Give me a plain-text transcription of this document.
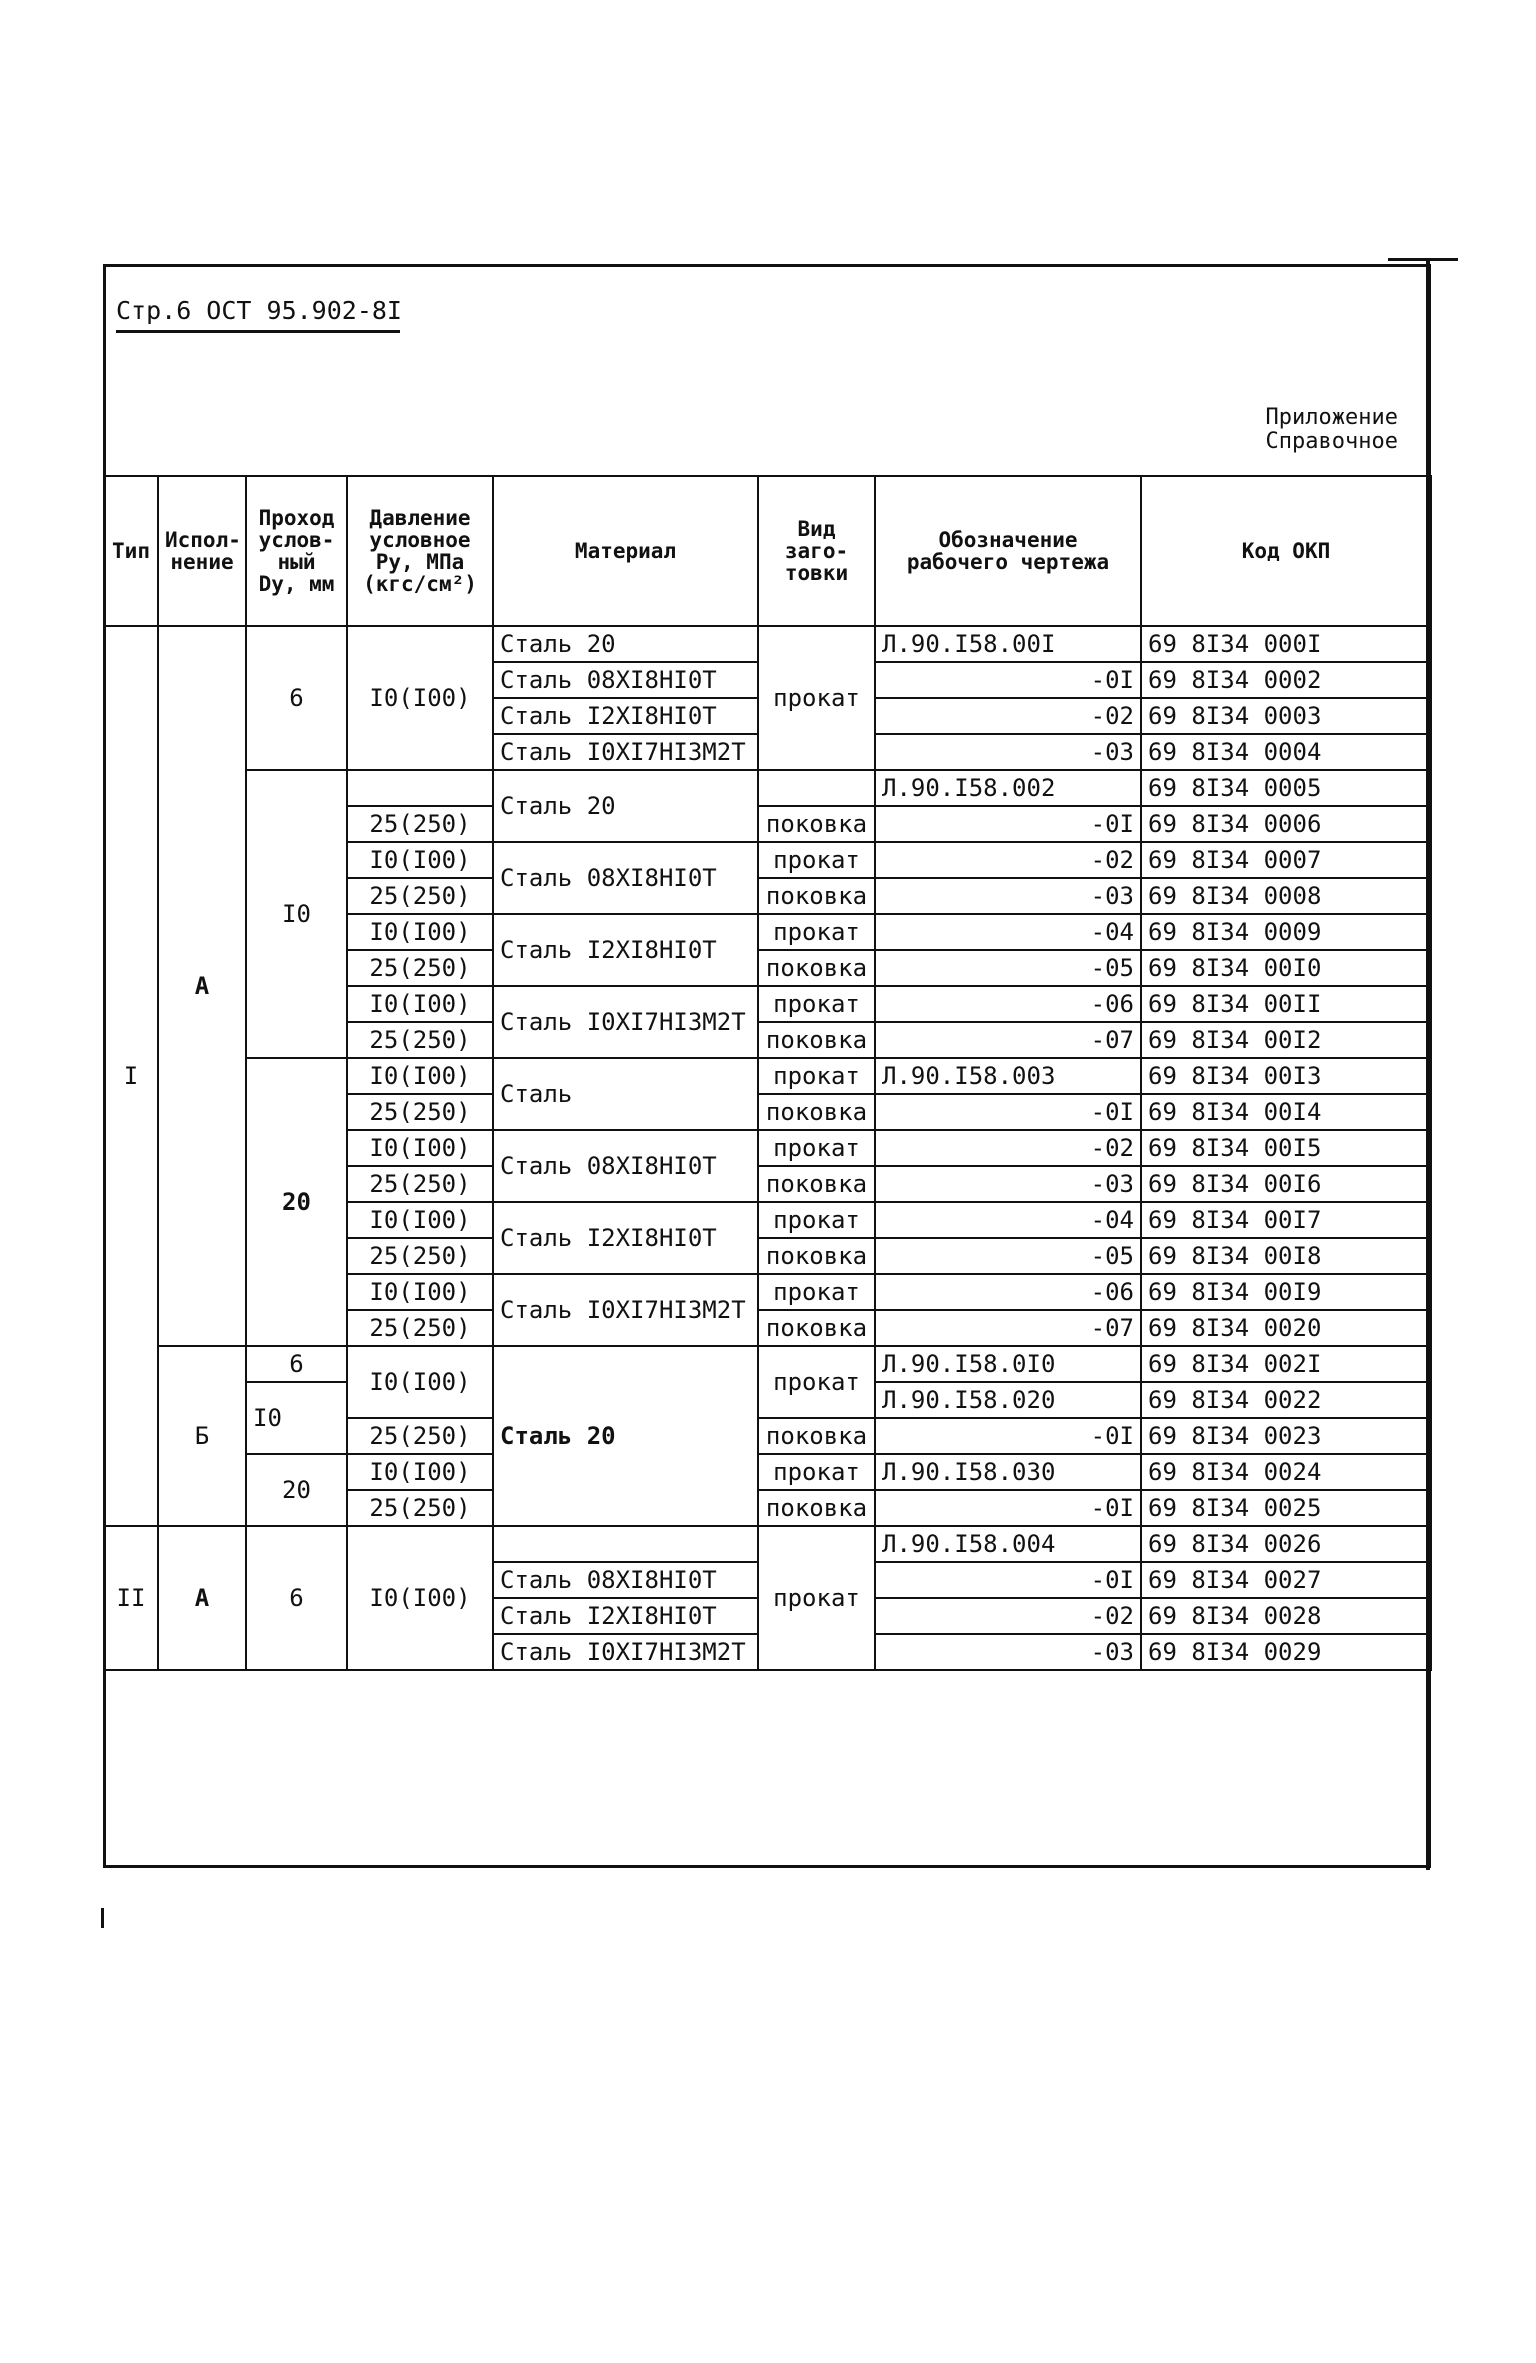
Стр.6 ОСТ 95.902-8I
Приложение
Справочное
Тип	Испол-нение	Проход услов-ный Dу, мм	Давление условное Pу, МПа (кгс/см²)	Материал	Вид заго-товки	Обозначение рабочего чертежа	Код ОКП
I	А	6	I0(I00)	Сталь 20	прокат	Л.90.I58.00I	69 8I34 000I
				Сталь 08XI8HI0T		-0I	69 8I34 0002
				Сталь I2XI8HI0T		-02	69 8I34 0003
				Сталь I0XI7HI3M2T		-03	69 8I34 0004
		I0		Сталь 20		Л.90.I58.002	69 8I34 0005
			25(250)		поковка	-0I	69 8I34 0006
			I0(I00)	Сталь 08XI8HI0T	прокат	-02	69 8I34 0007
			25(250)		поковка	-03	69 8I34 0008
			I0(I00)	Сталь I2XI8HI0T	прокат	-04	69 8I34 0009
			25(250)		поковка	-05	69 8I34 00I0
			I0(I00)	Сталь I0XI7HI3M2T	прокат	-06	69 8I34 00II
			25(250)		поковка	-07	69 8I34 00I2
		20	I0(I00)	Сталь	прокат	Л.90.I58.003	69 8I34 00I3
			25(250)		поковка	-0I	69 8I34 00I4
			I0(I00)	Сталь 08XI8HI0T	прокат	-02	69 8I34 00I5
			25(250)		поковка	-03	69 8I34 00I6
			I0(I00)	Сталь I2XI8HI0T	прокат	-04	69 8I34 00I7
			25(250)		поковка	-05	69 8I34 00I8
			I0(I00)	Сталь I0XI7HI3M2T	прокат	-06	69 8I34 00I9
			25(250)		поковка	-07	69 8I34 0020
	Б	6	I0(I00)	Сталь 20	прокат	Л.90.I58.0I0	69 8I34 002I
		I0				Л.90.I58.020	69 8I34 0022
			25(250)		поковка	-0I	69 8I34 0023
		20	I0(I00)		прокат	Л.90.I58.030	69 8I34 0024
			25(250)		поковка	-0I	69 8I34 0025
II	А	6	I0(I00)		прокат	Л.90.I58.004	69 8I34 0026
				Сталь 08XI8HI0T		-0I	69 8I34 0027
				Сталь I2XI8HI0T		-02	69 8I34 0028
				Сталь I0XI7HI3M2T		-03	69 8I34 0029
